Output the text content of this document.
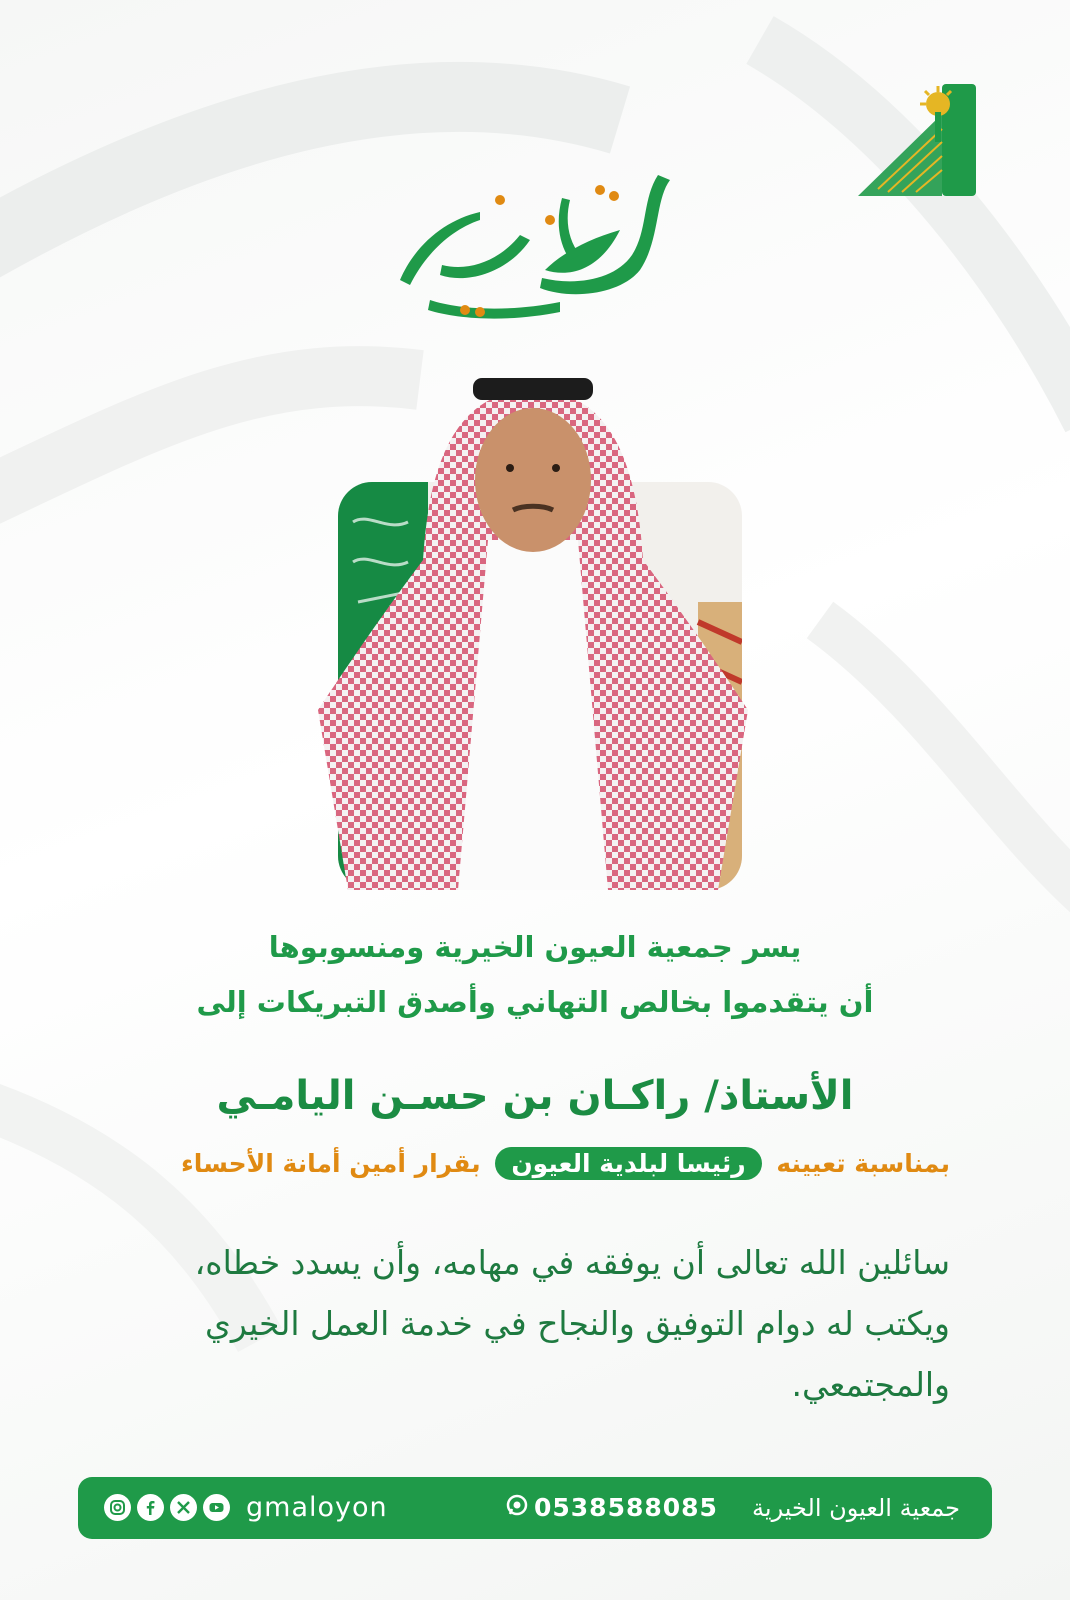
يسر جمعية العيون الخيرية ومنسوبوها
أن يتقدموا بخالص التهاني وأصدق التبريكات إلى
الأستاذ/ راكـان بن حسـن اليامـي
بمناسبة تعيينه رئيسا لبلدية العيون بقرار أمين أمانة الأحساء
سائلين الله تعالى أن يوفقه في مهامه، وأن يسدد خطاه، ويكتب له دوام التوفيق والنجاح في خدمة العمل الخيري والمجتمعي.
جمعية العيون الخيرية
0538588085
gmaloyon
